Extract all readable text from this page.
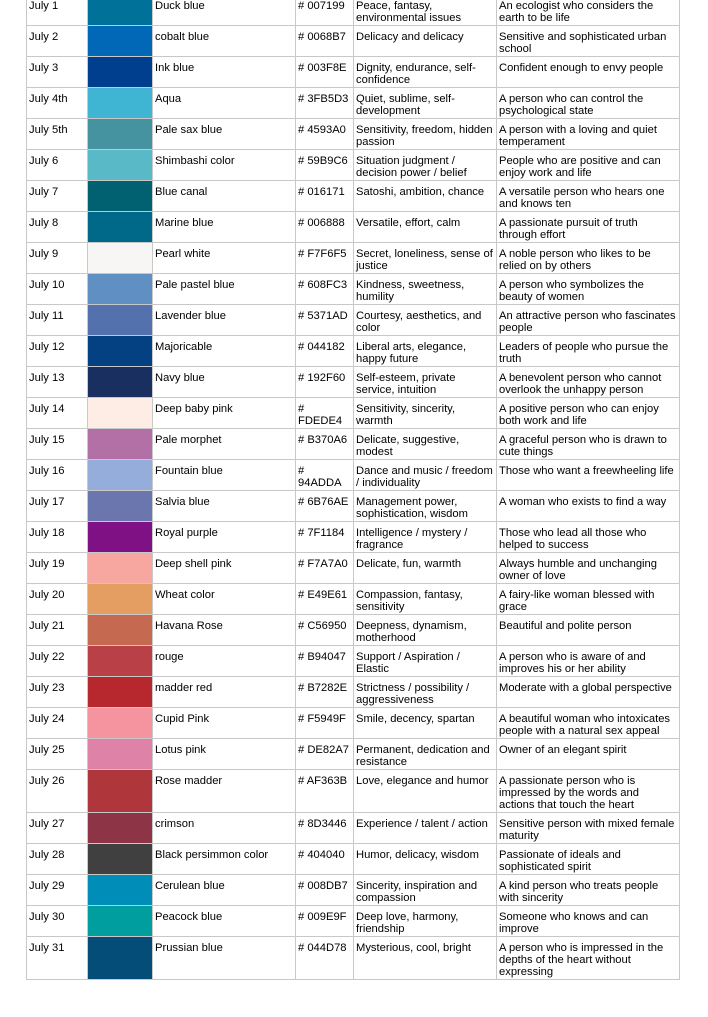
July 1		Duck blue	# 007199	Peace, fantasy, environmental issues	An ecologist who considers the earth to be life
July 2		cobalt blue	# 0068B7	Delicacy and delicacy	Sensitive and sophisticated urban school
July 3		Ink blue	# 003F8E	Dignity, endurance, self-confidence	Confident enough to envy people
July 4th		Aqua	# 3FB5D3	Quiet, sublime, self-development	A person who can control the psychological state
July 5th		Pale sax blue	# 4593A0	Sensitivity, freedom, hidden passion	A person with a loving and quiet temperament
July 6		Shimbashi color	# 59B9C6	Situation judgment / decision power / belief	People who are positive and can enjoy work and life
July 7		Blue canal	# 016171	Satoshi, ambition, chance	A versatile person who hears one and knows ten
July 8		Marine blue	# 006888	Versatile, effort, calm	A passionate pursuit of truth through effort
July 9		Pearl white	# F7F6F5	Secret, loneliness, sense of justice	A noble person who likes to be relied on by others
July 10		Pale pastel blue	# 608FC3	Kindness, sweetness, humility	A person who symbolizes the beauty of women
July 11		Lavender blue	# 5371AD	Courtesy, aesthetics, and color	An attractive person who fascinates people
July 12		Majoricable	# 044182	Liberal arts, elegance, happy future	Leaders of people who pursue the truth
July 13		Navy blue	# 192F60	Self-esteem, private service, intuition	A benevolent person who cannot overlook the unhappy person
July 14		Deep baby pink	# FDEDE4	Sensitivity, sincerity, warmth	A positive person who can enjoy both work and life
July 15		Pale morphet	# B370A6	Delicate, suggestive, modest	A graceful person who is drawn to cute things
July 16		Fountain blue	# 94ADDA	Dance and music / freedom / individuality	Those who want a freewheeling life
July 17		Salvia blue	# 6B76AE	Management power, sophistication, wisdom	A woman who exists to find a way
July 18		Royal purple	# 7F1184	Intelligence / mystery / fragrance	Those who lead all those who helped to success
July 19		Deep shell pink	# F7A7A0	Delicate, fun, warmth	Always humble and unchanging owner of love
July 20		Wheat color	# E49E61	Compassion, fantasy, sensitivity	A fairy-like woman blessed with grace
July 21		Havana Rose	# C56950	Deepness, dynamism, motherhood	Beautiful and polite person
July 22		rouge	# B94047	Support / Aspiration / Elastic	A person who is aware of and improves his or her ability
July 23		madder red	# B7282E	Strictness / possibility / aggressiveness	Moderate with a global perspective
July 24		Cupid Pink	# F5949F	Smile, decency, spartan	A beautiful woman who intoxicates people with a natural sex appeal
July 25		Lotus pink	# DE82A7	Permanent, dedication and resistance	Owner of an elegant spirit
July 26		Rose madder	# AF363B	Love, elegance and humor	A passionate person who is impressed by the words and actions that touch the heart
July 27		crimson	# 8D3446	Experience / talent / action	Sensitive person with mixed female maturity
July 28		Black persimmon color	# 404040	Humor, delicacy, wisdom	Passionate of ideals and sophisticated spirit
July 29		Cerulean blue	# 008DB7	Sincerity, inspiration and compassion	A kind person who treats people with sincerity
July 30		Peacock blue	# 009E9F	Deep love, harmony, friendship	Someone who knows and can improve
July 31		Prussian blue	# 044D78	Mysterious, cool, bright	A person who is impressed in the depths of the heart without expressing
